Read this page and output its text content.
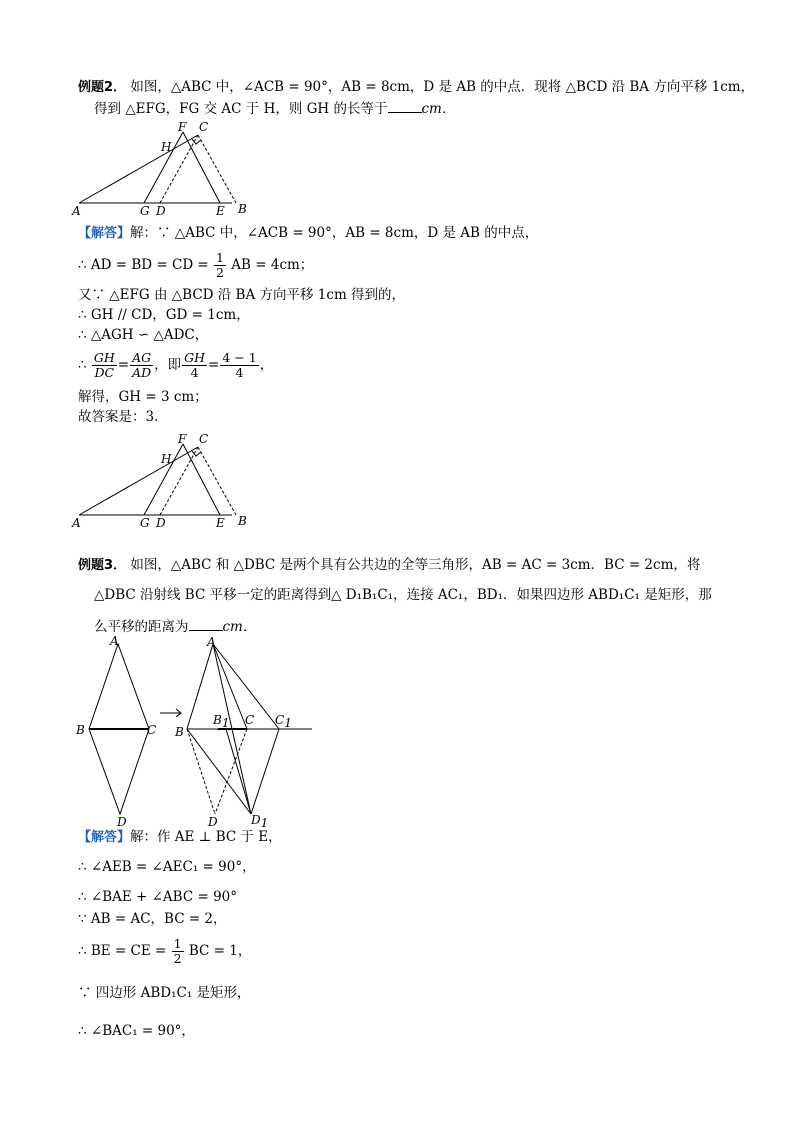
例题2． 如图，△ABC 中，∠ACB = 90°，AB = 8cm，D 是 AB 的中点．现将 △BCD 沿 BA 方向平移 1cm，
得到 △EFG，FG 交 AC 于 H，则 GH 的长等于	cm．
A	B
C
D	E
F
G
H
【解答】解：∵ △ABC 中，∠ACB = 90°，AB = 8cm，D 是 AB 的中点，
∴ AD = BD = CD = $\frac{1}{2}$ AB = 4cm；
又∵ △EFG 由 △BCD 沿 BA 方向平移 1cm 得到的，
∴ GH // CD，GD = 1cm，
∴ △AGH ∽ △ADC，
∴ $\frac{GH}{DC} = \frac{AG}{AD}$ ，即 $\frac{GH}{4} = \frac{4 - 1}{4}$ ，
解得，GH = 3 cm；
故答案是：3．
A	B
C
D	E
F
G
H
例题3． 如图，△ABC 和 △DBC 是两个具有公共边的全等三角形，AB = AC = 3cm．BC = 2cm，将
△DBC 沿射线 BC 平移一定的距离得到△ D₁B₁C₁，连接 AC₁，BD₁．如果四边形 ABD₁C₁ 是矩形，那
么平移的距离为	cm．
A
B	C
D
A
B
B1 C C1
D	D1
【解答】解：作 AE ⊥ BC 于 E，
∴ ∠AEB = ∠AEC₁ = 90°，
∴ ∠BAE + ∠ABC = 90°
∵ AB = AC，BC = 2，
∴ BE = CE = $\frac{1}{2}$ BC = 1，
∵ 四边形 ABD₁C₁ 是矩形，
∴ ∠BAC₁ = 90°，
